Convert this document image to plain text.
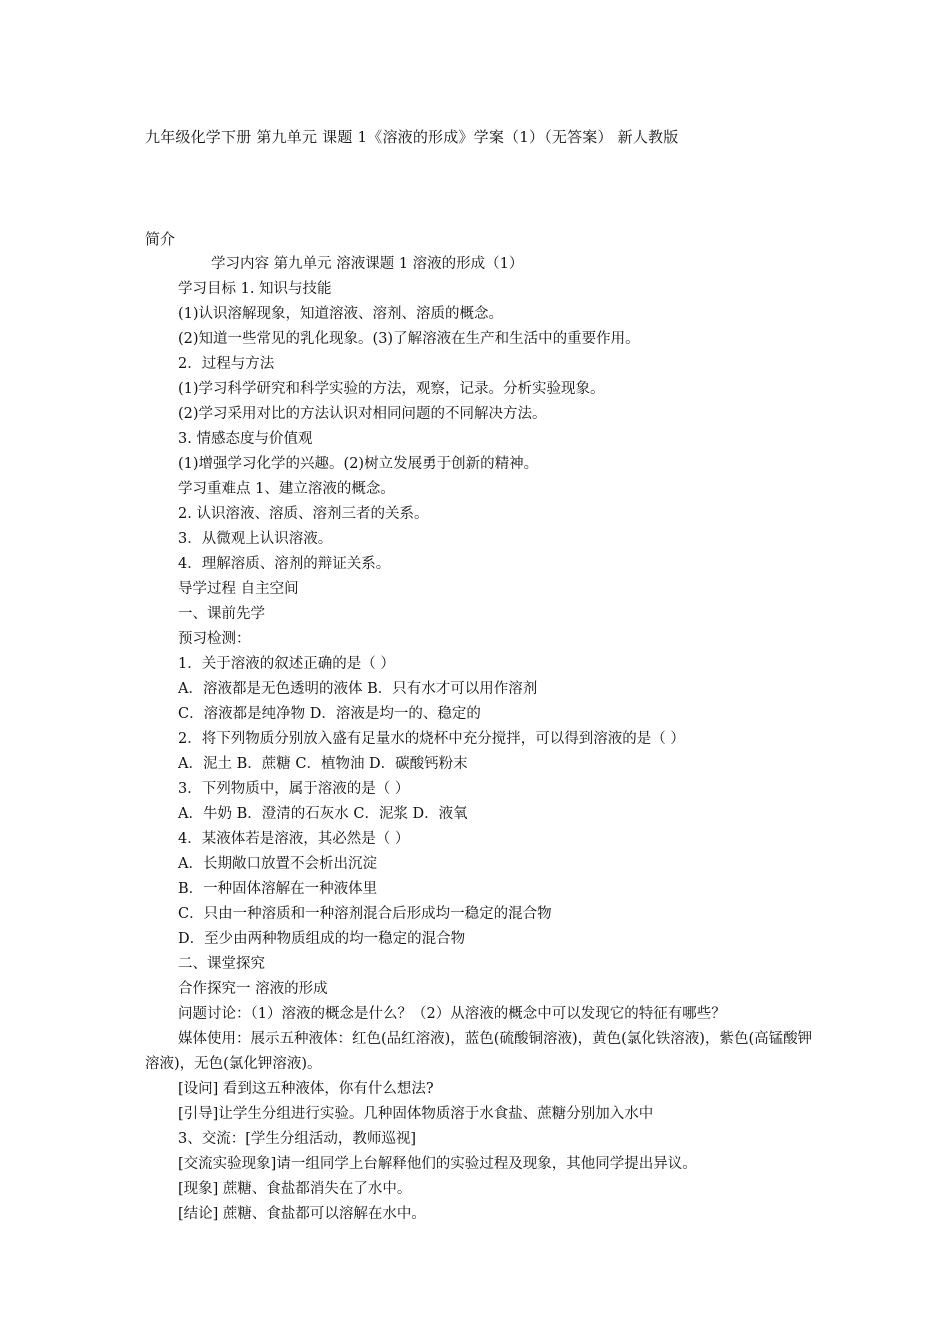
九年级化学下册 第九单元 课题 1《溶液的形成》学案（1）（无答案） 新人教版
简介

学习内容 第九单元 溶液课题 1 溶液的形成（1）

学习目标 1. 知识与技能

(1)认识溶解现象，知道溶液、溶剂、溶质的概念。

(2)知道一些常见的乳化现象。(3)了解溶液在生产和生活中的重要作用。

2．过程与方法

(1)学习科学研究和科学实验的方法，观察，记录。分析实验现象。

(2)学习采用对比的方法认识对相同问题的不同解决方法。

3. 情感态度与价值观

(1)增强学习化学的兴趣。(2)树立发展勇于创新的精神。

学习重难点 1、建立溶液的概念。

2. 认识溶液、溶质、溶剂三者的关系。

3．从微观上认识溶液。

4．理解溶质、溶剂的辩证关系。

导学过程 自主空间

一、课前先学

预习检测：

1．关于溶液的叙述正确的是（ ）

A．溶液都是无色透明的液体 B．只有水才可以用作溶剂

C．溶液都是纯净物 D．溶液是均一的、稳定的

2．将下列物质分别放入盛有足量水的烧杯中充分搅拌，可以得到溶液的是（ ）

A．泥土 B．蔗糖 C．植物油 D．碳酸钙粉末

3．下列物质中，属于溶液的是（ ）

A．牛奶 B．澄清的石灰水 C．泥浆 D．液氧

4．某液体若是溶液，其必然是（ ）

A．长期敞口放置不会析出沉淀

B．一种固体溶解在一种液体里

C．只由一种溶质和一种溶剂混合后形成均一稳定的混合物

D．至少由两种物质组成的均一稳定的混合物

二、课堂探究

合作探究一 溶液的形成

问题讨论：（1）溶液的概念是什么？（2）从溶液的概念中可以发现它的特征有哪些？

媒体使用：展示五种液体：红色(品红溶液)，蓝色(硫酸铜溶液)，黄色(氯化铁溶液)，紫色(高锰酸钾溶液)，无色(氯化钾溶液)。

[设问] 看到这五种液体，你有什么想法?

[引导]让学生分组进行实验。几种固体物质溶于水食盐、蔗糖分别加入水中

3、交流：[学生分组活动，教师巡视]

[交流实验现象]请一组同学上台解释他们的实验过程及现象，其他同学提出异议。

[现象] 蔗糖、食盐都消失在了水中。

[结论] 蔗糖、食盐都可以溶解在水中。
